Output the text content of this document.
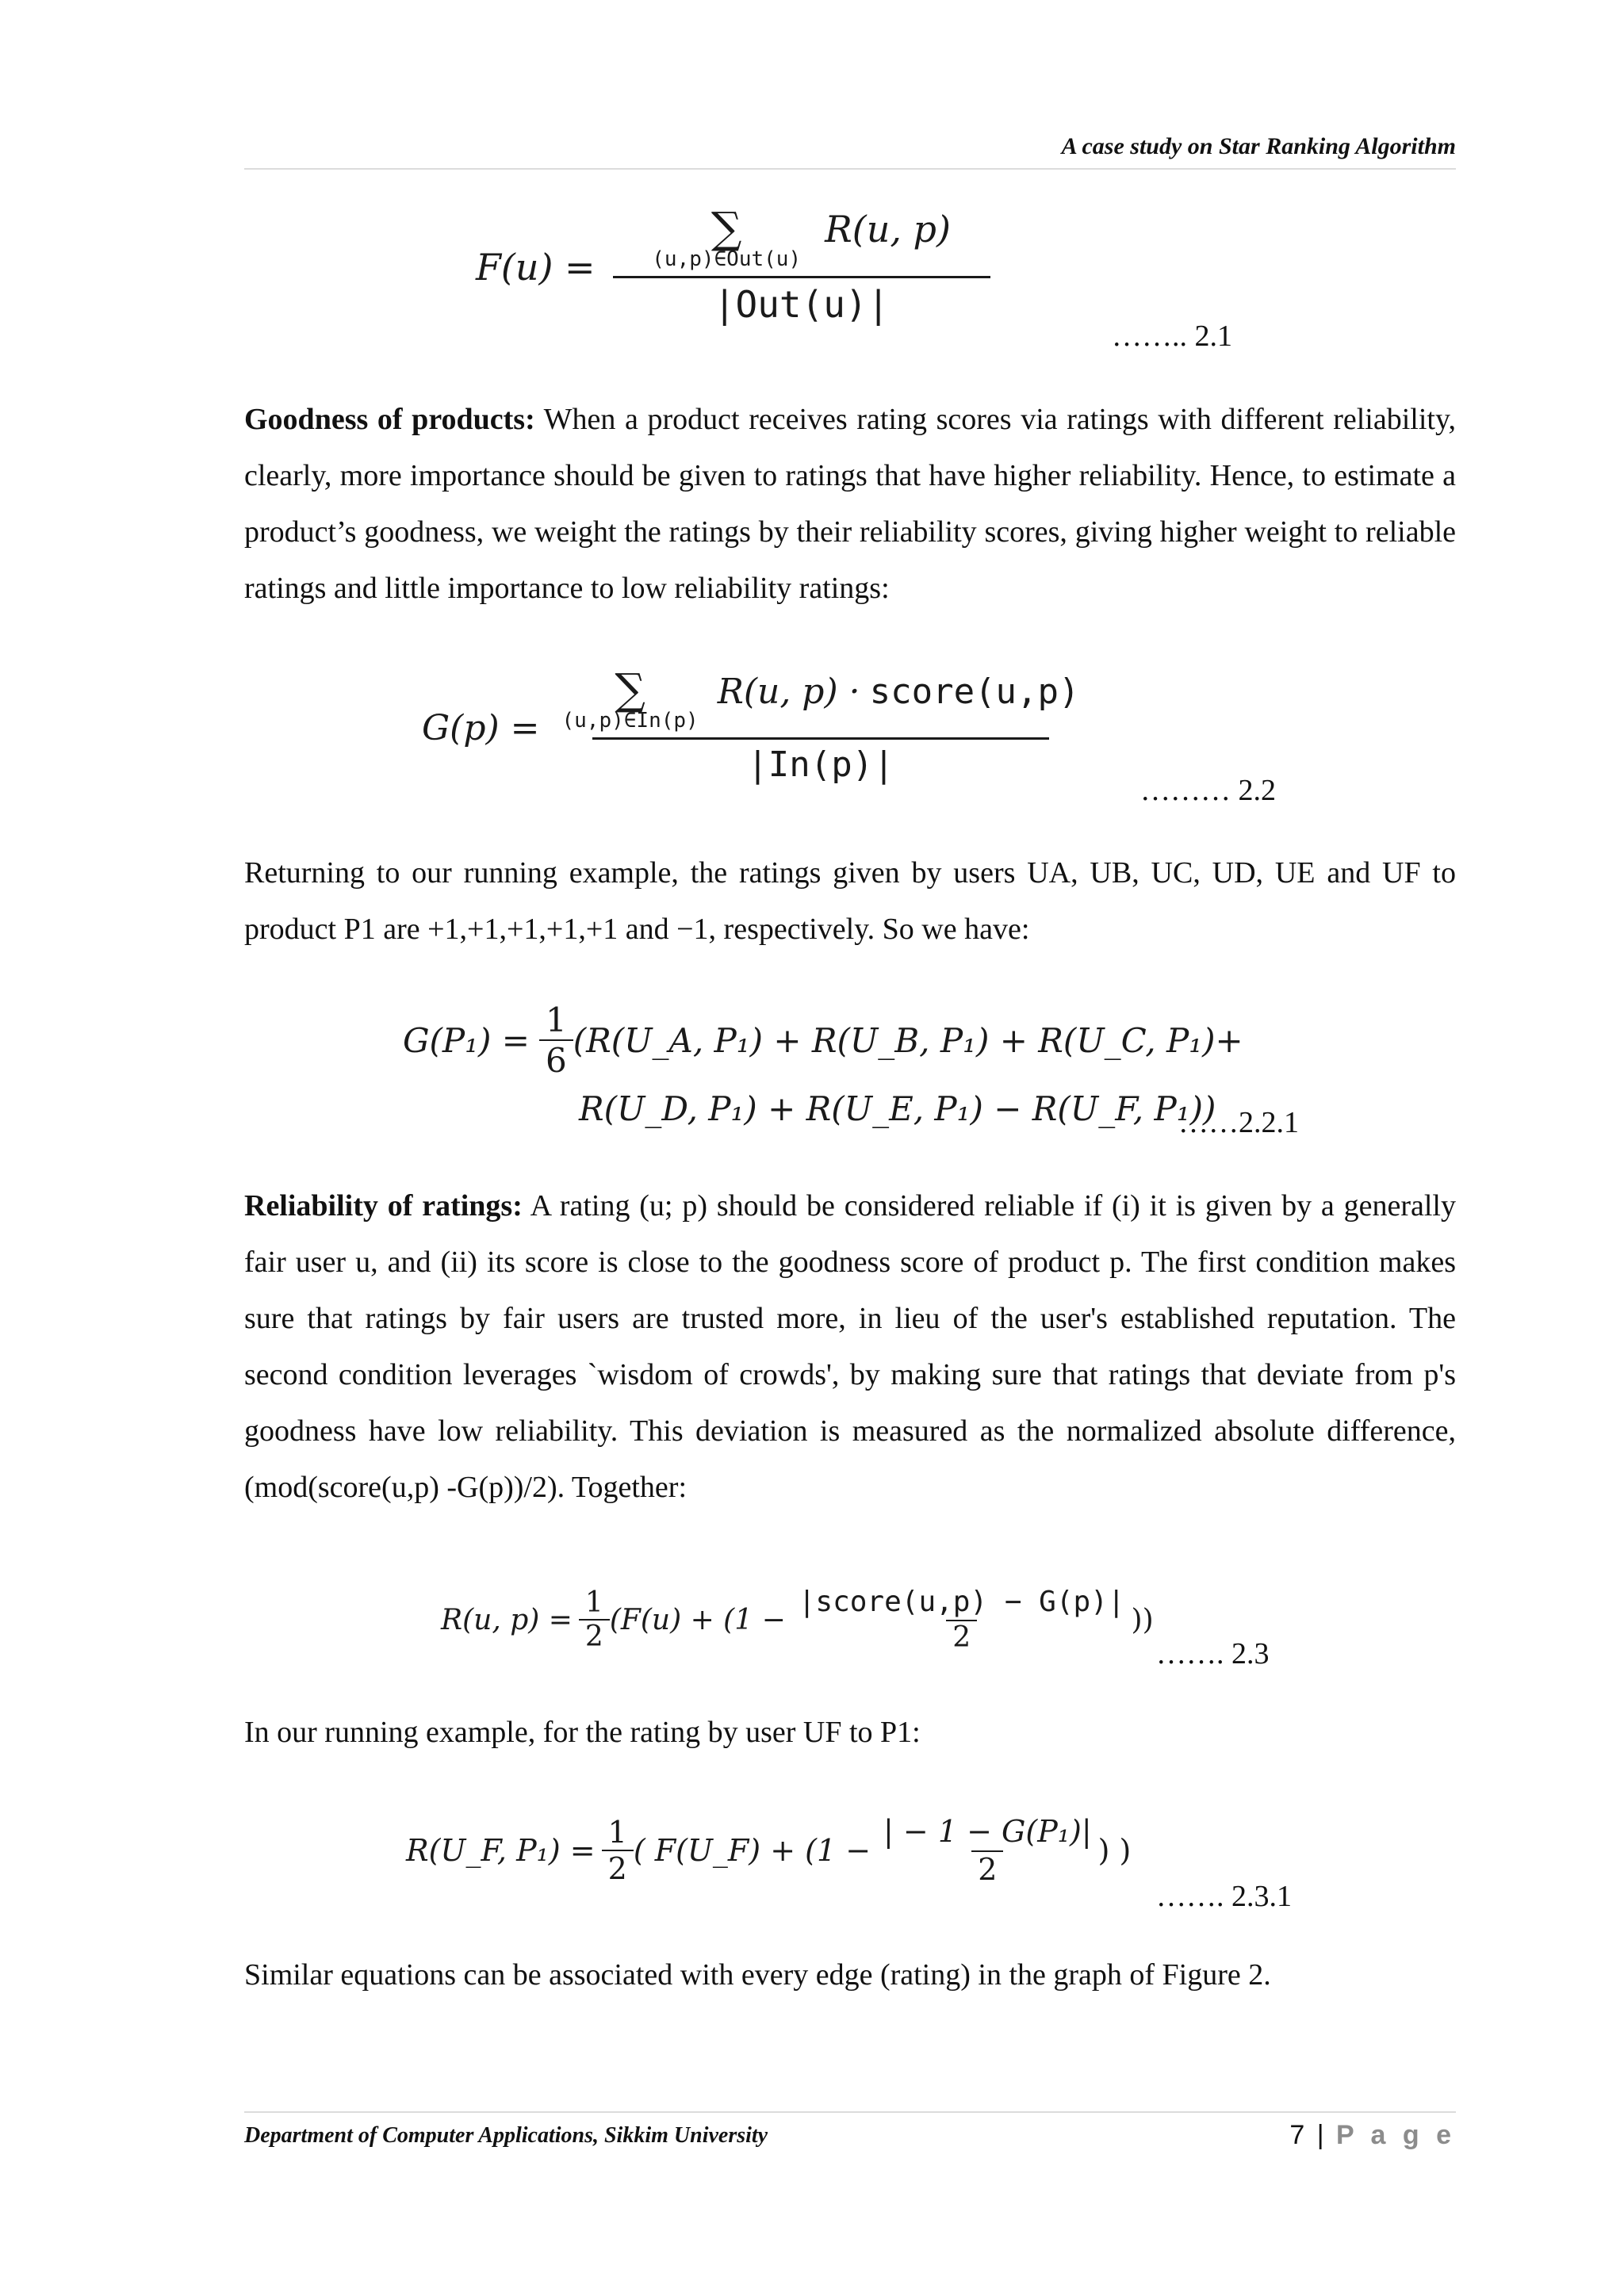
A case study on Star Ranking Algorithm
F(u) = ∑
(u,p)∈Out(u)
R(u, p)
|Out(u)|
…….. 2.1

Goodness of products: When a product receives rating scores via ratings with different reliability, clearly, more importance should be given to ratings that have higher reliability. Hence, to estimate a product’s goodness, we weight the ratings by their reliability scores, giving higher weight to reliable ratings and little importance to low reliability ratings:

G(p) =
∑
(u,p)∈In(p)
R(u, p) · score(u,p)
|In(p)|
……… 2.2

Returning to our running example, the ratings given by users UA, UB, UC, UD, UE and UF to product P1 are +1,+1,+1,+1,+1 and −1, respectively. So we have:

$G(P_1) = \frac{1}{6}$ (R(U_A, P₁) + R(U_B, P₁) + R(U_C, P₁)+
R(U_D, P₁) + R(U_E, P₁) − R(U_F, P₁))
……2.2.1

Reliability of ratings: A rating (u; p) should be considered reliable if (i) it is given by a generally fair user u, and (ii) its score is close to the goodness score of product p. The first condition makes sure that ratings by fair users are trusted more, in lieu of the user's established reputation. The second condition leverages `wisdom of crowds', by making sure that ratings that deviate from p's goodness have low reliability. This deviation is measured as the normalized absolute difference, (mod(score(u,p) -G(p))/2). Together:

R(u, $p) = \frac{1}{2} (F(u) + (1 - \frac{\text{|score(u,p) − G(p)|}}{2}$ ))
……. 2.3

In our running example, for the rating by user UF to P1:

R(U_F, $P_1) = \frac{1}{2}$ ( F(U_F) + ($1 - \frac{\text{| − 1 − G(P₁)|}}{2}$ ) )
……. 2.3.1

Similar equations can be associated with every edge (rating) in the graph of Figure 2.

Department of Computer Applications, Sikkim University	7 | P a g e
